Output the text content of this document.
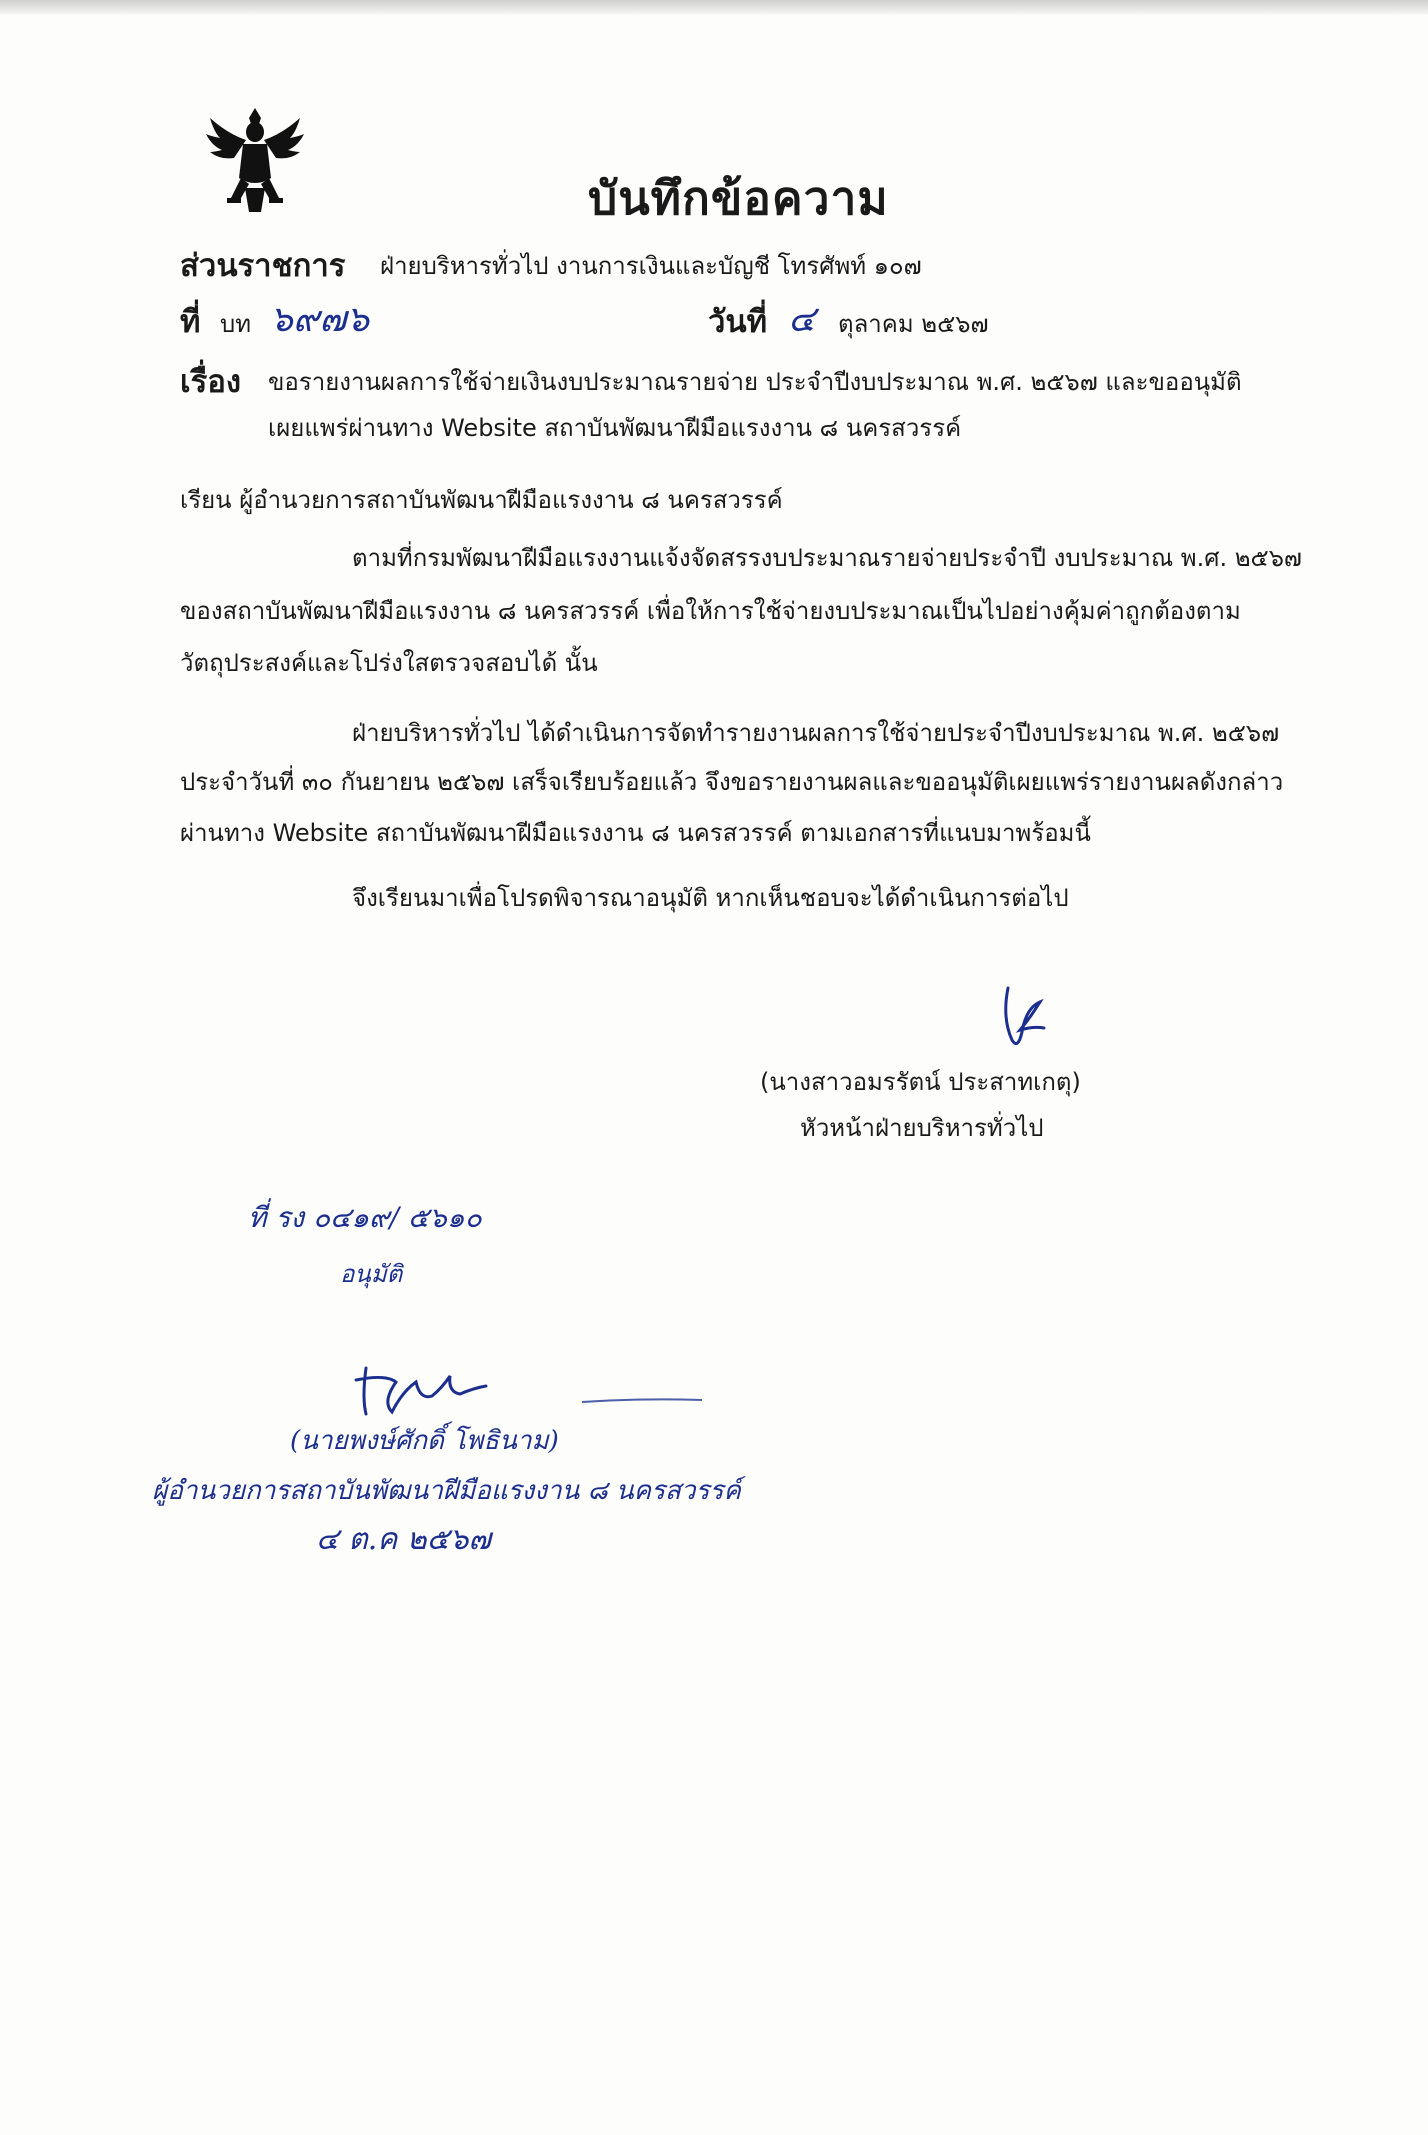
บันทึกข้อความ
ส่วนราชการ ฝ่ายบริหารทั่วไป งานการเงินและบัญชี โทรศัพท์ ๑๐๗
ที่ บท ๖๙๗๖	วันที่ ๔ ตุลาคม ๒๕๖๗
เรื่อง ขอรายงานผลการใช้จ่ายเงินงบประมาณรายจ่าย ประจำปีงบประมาณ พ.ศ. ๒๕๖๗ และขออนุมัติ
เผยแพร่ผ่านทาง Website สถาบันพัฒนาฝีมือแรงงาน ๘ นครสวรรค์
เรียน ผู้อำนวยการสถาบันพัฒนาฝีมือแรงงาน ๘ นครสวรรค์
ตามที่กรมพัฒนาฝีมือแรงงานแจ้งจัดสรรงบประมาณรายจ่ายประจำปี งบประมาณ พ.ศ. ๒๕๖๗
ของสถาบันพัฒนาฝีมือแรงงาน ๘ นครสวรรค์ เพื่อให้การใช้จ่ายงบประมาณเป็นไปอย่างคุ้มค่าถูกต้องตาม
วัตถุประสงค์และโปร่งใสตรวจสอบได้ นั้น
ฝ่ายบริหารทั่วไป ได้ดำเนินการจัดทำรายงานผลการใช้จ่ายประจำปีงบประมาณ พ.ศ. ๒๕๖๗
ประจำวันที่ ๓๐ กันยายน ๒๕๖๗ เสร็จเรียบร้อยแล้ว จึงขอรายงานผลและขออนุมัติเผยแพร่รายงานผลดังกล่าว
ผ่านทาง Website สถาบันพัฒนาฝีมือแรงงาน ๘ นครสวรรค์ ตามเอกสารที่แนบมาพร้อมนี้
จึงเรียนมาเพื่อโปรดพิจารณาอนุมัติ หากเห็นชอบจะได้ดำเนินการต่อไป
(นางสาวอมรรัตน์ ประสาทเกตุ)
หัวหน้าฝ่ายบริหารทั่วไป
ที่ รง ๐๔๑๙/ ๕๖๑๐
อนุมัติ
(นายพงษ์ศักดิ์ โพธินาม)
ผู้อำนวยการสถาบันพัฒนาฝีมือแรงงาน ๘ นครสวรรค์
๔ ต.ค ๒๕๖๗
